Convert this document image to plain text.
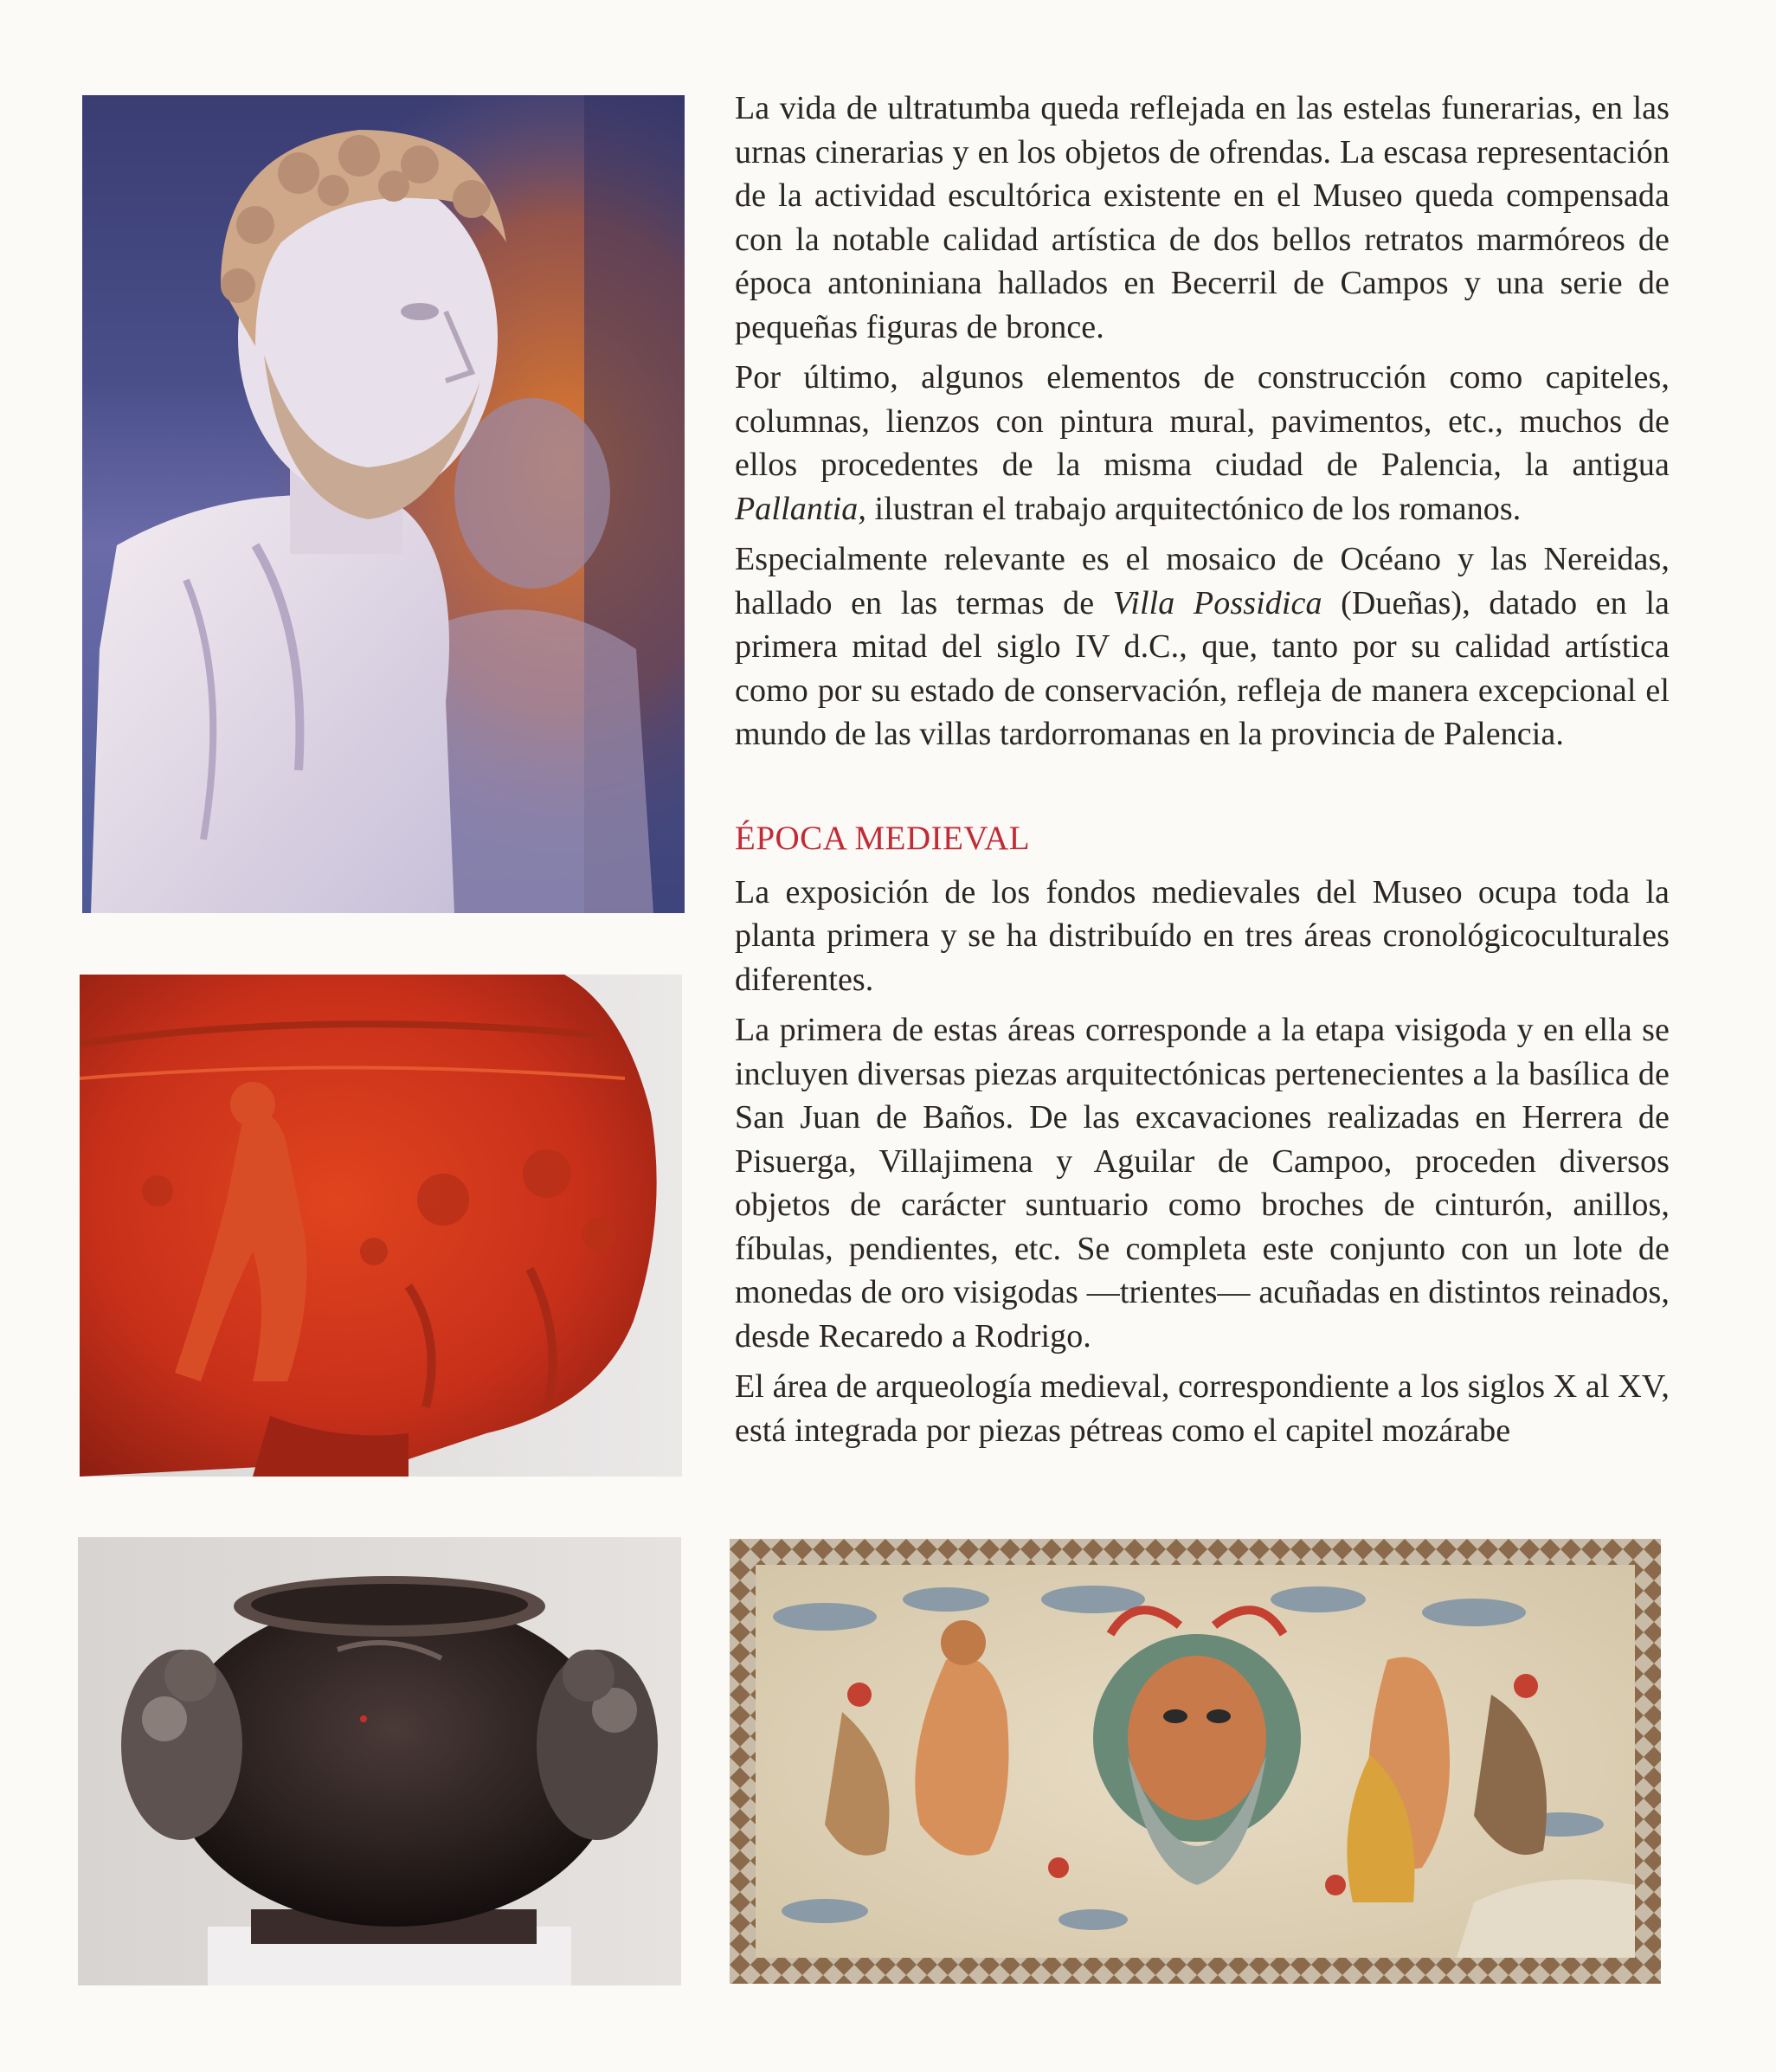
La vida de ultratumba queda reflejada en las estelas funerarias, en las urnas cinerarias y en los objetos de ofrendas. La escasa representación de la actividad escultórica existente en el Museo queda compensada con la notable calidad artística de dos bellos retratos marmóreos de época antoniniana hallados en Becerril de Campos y una serie de pequeñas figuras de bronce.

Por último, algunos elementos de construcción como capiteles, columnas, lienzos con pintura mural, pavimentos, etc., muchos de ellos procedentes de la misma ciudad de Palencia, la antigua Pallantia, ilustran el trabajo arquitectónico de los romanos.

Especialmente relevante es el mosaico de Océano y las Nereidas, hallado en las termas de Villa Possidica (Dueñas), datado en la primera mitad del siglo IV d.C., que, tanto por su calidad artística como por su estado de conservación, refleja de manera excepcional el mundo de las villas tardorromanas en la provincia de Palencia.

ÉPOCA MEDIEVAL

La exposición de los fondos medievales del Museo ocupa toda la planta primera y se ha distribuído en tres áreas cronológicoculturales diferentes.

La primera de estas áreas corresponde a la etapa visigoda y en ella se incluyen diversas piezas arquitectónicas pertenecientes a la basílica de San Juan de Baños. De las excavaciones realizadas en Herrera de Pisuerga, Villajimena y Aguilar de Campoo, proceden diversos objetos de carácter suntuario como broches de cinturón, anillos, fíbulas, pendientes, etc. Se completa este conjunto con un lote de monedas de oro visigodas —trientes— acuñadas en distintos reinados, desde Recaredo a Rodrigo.

El área de arqueología medieval, correspondiente a los siglos X al XV, está integrada por piezas pétreas como el capitel mozárabe
